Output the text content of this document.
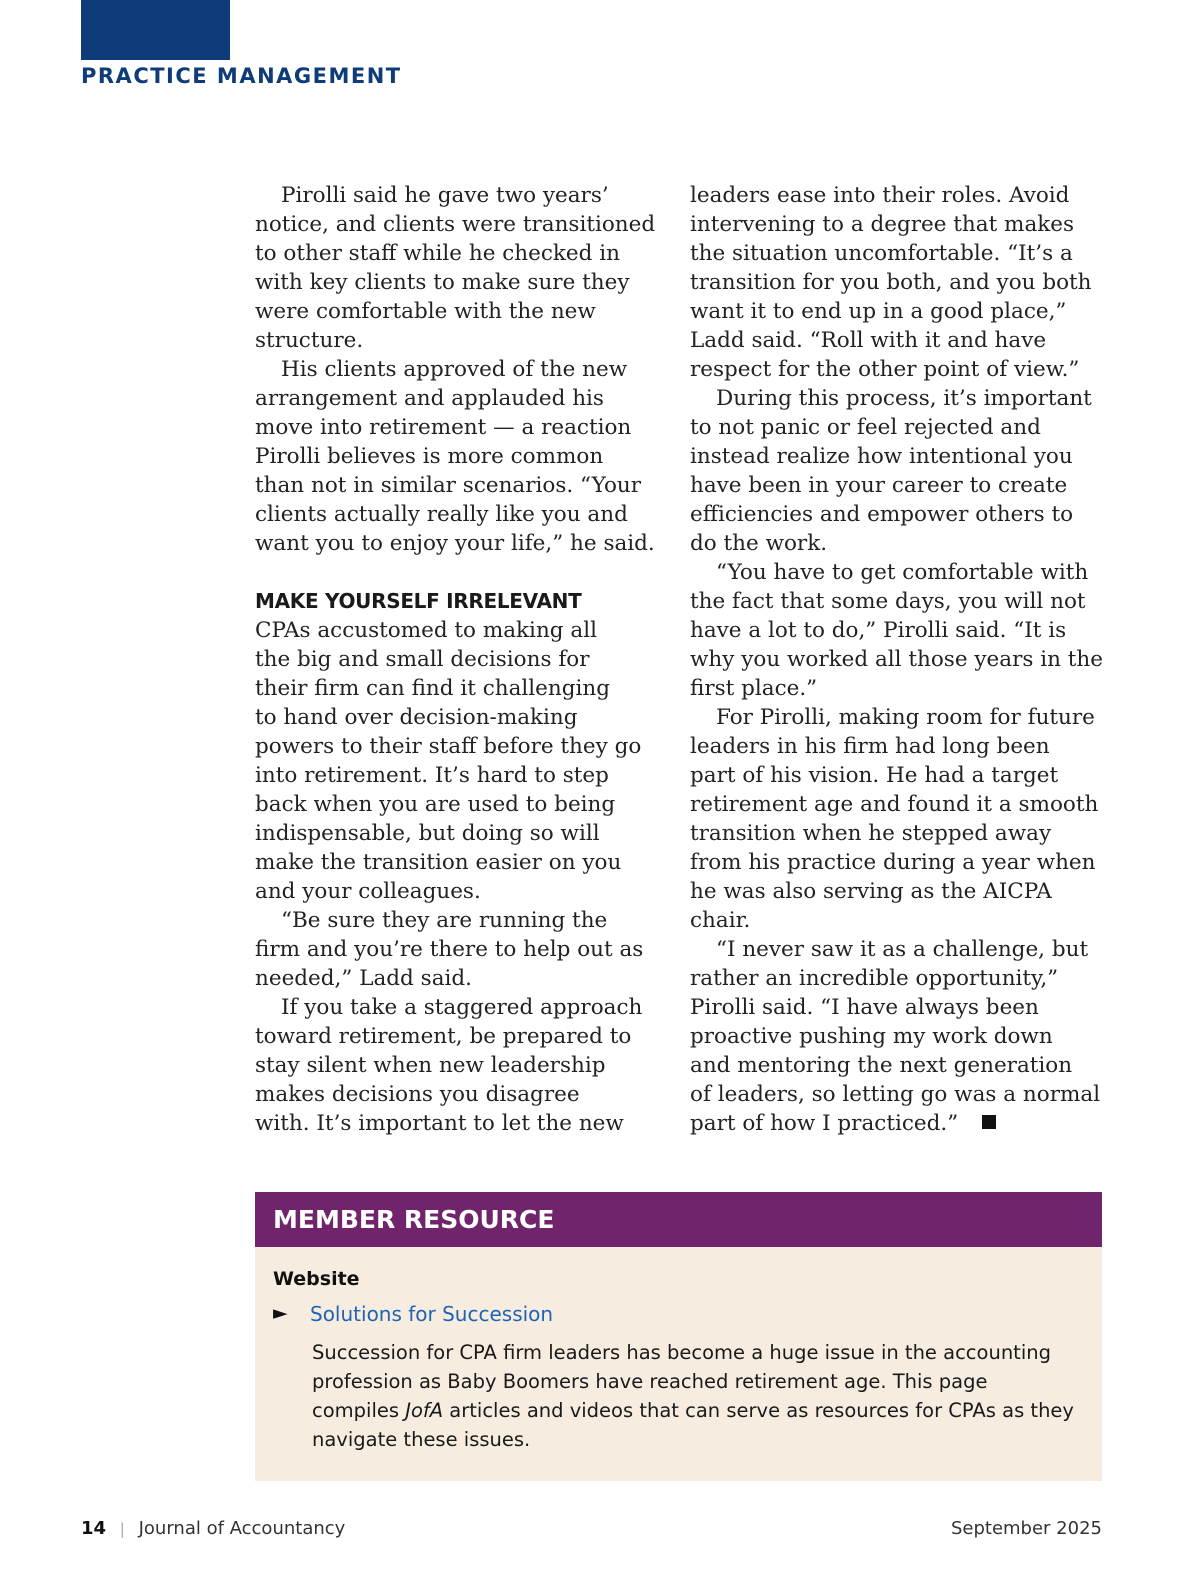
PRACTICE MANAGEMENT
Pirolli said he gave two years’
notice, and clients were transitioned
to other staff while he checked in
with key clients to make sure they
were comfortable with the new
structure.
His clients approved of the new
arrangement and applauded his
move into retirement — a reaction
Pirolli believes is more common
than not in similar scenarios. “Your
clients actually really like you and
want you to enjoy your life,” he said.
MAKE YOURSELF IRRELEVANT
CPAs accustomed to making all
the big and small decisions for
their firm can find it challenging
to hand over decision-making
powers to their staff before they go
into retirement. It’s hard to step
back when you are used to being
indispensable, but doing so will
make the transition easier on you
and your colleagues.
“Be sure they are running the
firm and you’re there to help out as
needed,” Ladd said.
If you take a staggered approach
toward retirement, be prepared to
stay silent when new leadership
makes decisions you disagree
with. It’s important to let the new
leaders ease into their roles. Avoid
intervening to a degree that makes
the situation uncomfortable. “It’s a
transition for you both, and you both
want it to end up in a good place,”
Ladd said. “Roll with it and have
respect for the other point of view.”
During this process, it’s important
to not panic or feel rejected and
instead realize how intentional you
have been in your career to create
efficiencies and empower others to
do the work.
“You have to get comfortable with
the fact that some days, you will not
have a lot to do,” Pirolli said. “It is
why you worked all those years in the
first place.”
For Pirolli, making room for future
leaders in his firm had long been
part of his vision. He had a target
retirement age and found it a smooth
transition when he stepped away
from his practice during a year when
he was also serving as the AICPA
chair.
“I never saw it as a challenge, but
rather an incredible opportunity,”
Pirolli said. “I have always been
proactive pushing my work down
and mentoring the next generation
of leaders, so letting go was a normal
part of how I practiced.”
MEMBER RESOURCE
Website
► Solutions for Succession
Succession for CPA firm leaders has become a huge issue in the accounting
profession as Baby Boomers have reached retirement age. This page
compiles JofA articles and videos that can serve as resources for CPAs as they
navigate these issues.
14 | Journal of Accountancy	September 2025
